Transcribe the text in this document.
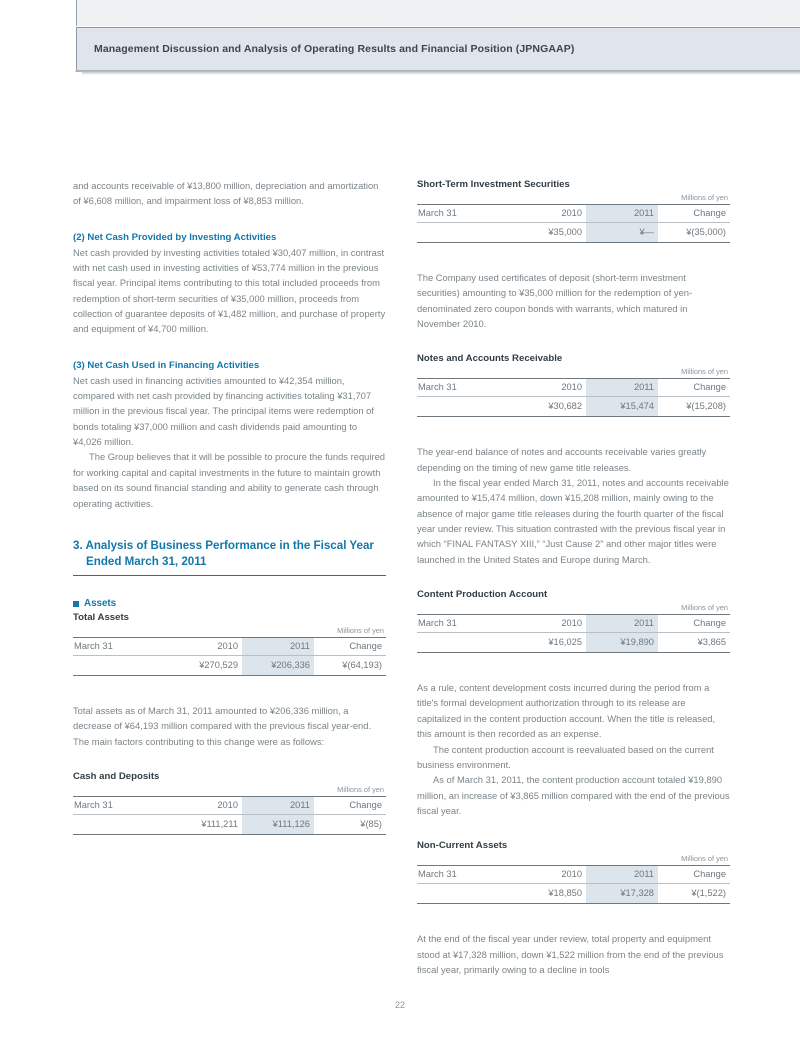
Management Discussion and Analysis of Operating Results and Financial Position (JPNGAAP)

and accounts receivable of ¥13,800 million, depreciation and amortization of ¥6,608 million, and impairment loss of ¥8,853 million.

(2) Net Cash Provided by Investing Activities

Net cash provided by investing activities totaled ¥30,407 million, in contrast with net cash used in investing activities of ¥53,774 million in the previous fiscal year. Principal items contributing to this total included proceeds from redemption of short-term securities of ¥35,000 million, proceeds from collection of guarantee deposits of ¥1,482 million, and purchase of property and equipment of ¥4,700 million.

(3) Net Cash Used in Financing Activities

Net cash used in financing activities amounted to ¥42,354 million, compared with net cash provided by financing activities totaling ¥31,707 million in the previous fiscal year. The principal items were redemption of bonds totaling ¥37,000 million and cash dividends paid amounting to ¥4,026 million.

The Group believes that it will be possible to procure the funds required for working capital and capital investments in the future to maintain growth based on its sound financial standing and ability to generate cash through operating activities.

3. Analysis of Business Performance in the Fiscal Year
Ended March 31, 2011
Assets
Total Assets
Millions of yen
March 31	2010	2011	Change
	¥270,529	¥206,336	¥(64,193)

Total assets as of March 31, 2011 amounted to ¥206,336 million, a decrease of ¥64,193 million compared with the previous fiscal year-end. The main factors contributing to this change were as follows:

Cash and Deposits
Millions of yen
March 31	2010	2011	Change
	¥111,211	¥111,126	¥(85)
Short-Term Investment Securities
Millions of yen
March 31	2010	2011	Change
	¥35,000	¥—	¥(35,000)

The Company used certificates of deposit (short-term investment securities) amounting to ¥35,000 million for the redemption of yen-denominated zero coupon bonds with warrants, which matured in November 2010.

Notes and Accounts Receivable
Millions of yen
March 31	2010	2011	Change
	¥30,682	¥15,474	¥(15,208)

The year-end balance of notes and accounts receivable varies greatly depending on the timing of new game title releases.

In the fiscal year ended March 31, 2011, notes and accounts receivable amounted to ¥15,474 million, down ¥15,208 million, mainly owing to the absence of major game title releases during the fourth quarter of the fiscal year under review. This situation contrasted with the previous fiscal year in which “FINAL FANTASY XIII,” “Just Cause 2” and other major titles were launched in the United States and Europe during March.

Content Production Account
Millions of yen
March 31	2010	2011	Change
	¥16,025	¥19,890	¥3,865

As a rule, content development costs incurred during the period from a title's formal development authorization through to its release are capitalized in the content production account. When the title is released, this amount is then recorded as an expense.

The content production account is reevaluated based on the current business environment.

As of March 31, 2011, the content production account totaled ¥19,890 million, an increase of ¥3,865 million compared with the end of the previous fiscal year.

Non-Current Assets
Millions of yen
March 31	2010	2011	Change
	¥18,850	¥17,328	¥(1,522)

At the end of the fiscal year under review, total property and equipment stood at ¥17,328 million, down ¥1,522 million from the end of the previous fiscal year, primarily owing to a decline in tools

22
